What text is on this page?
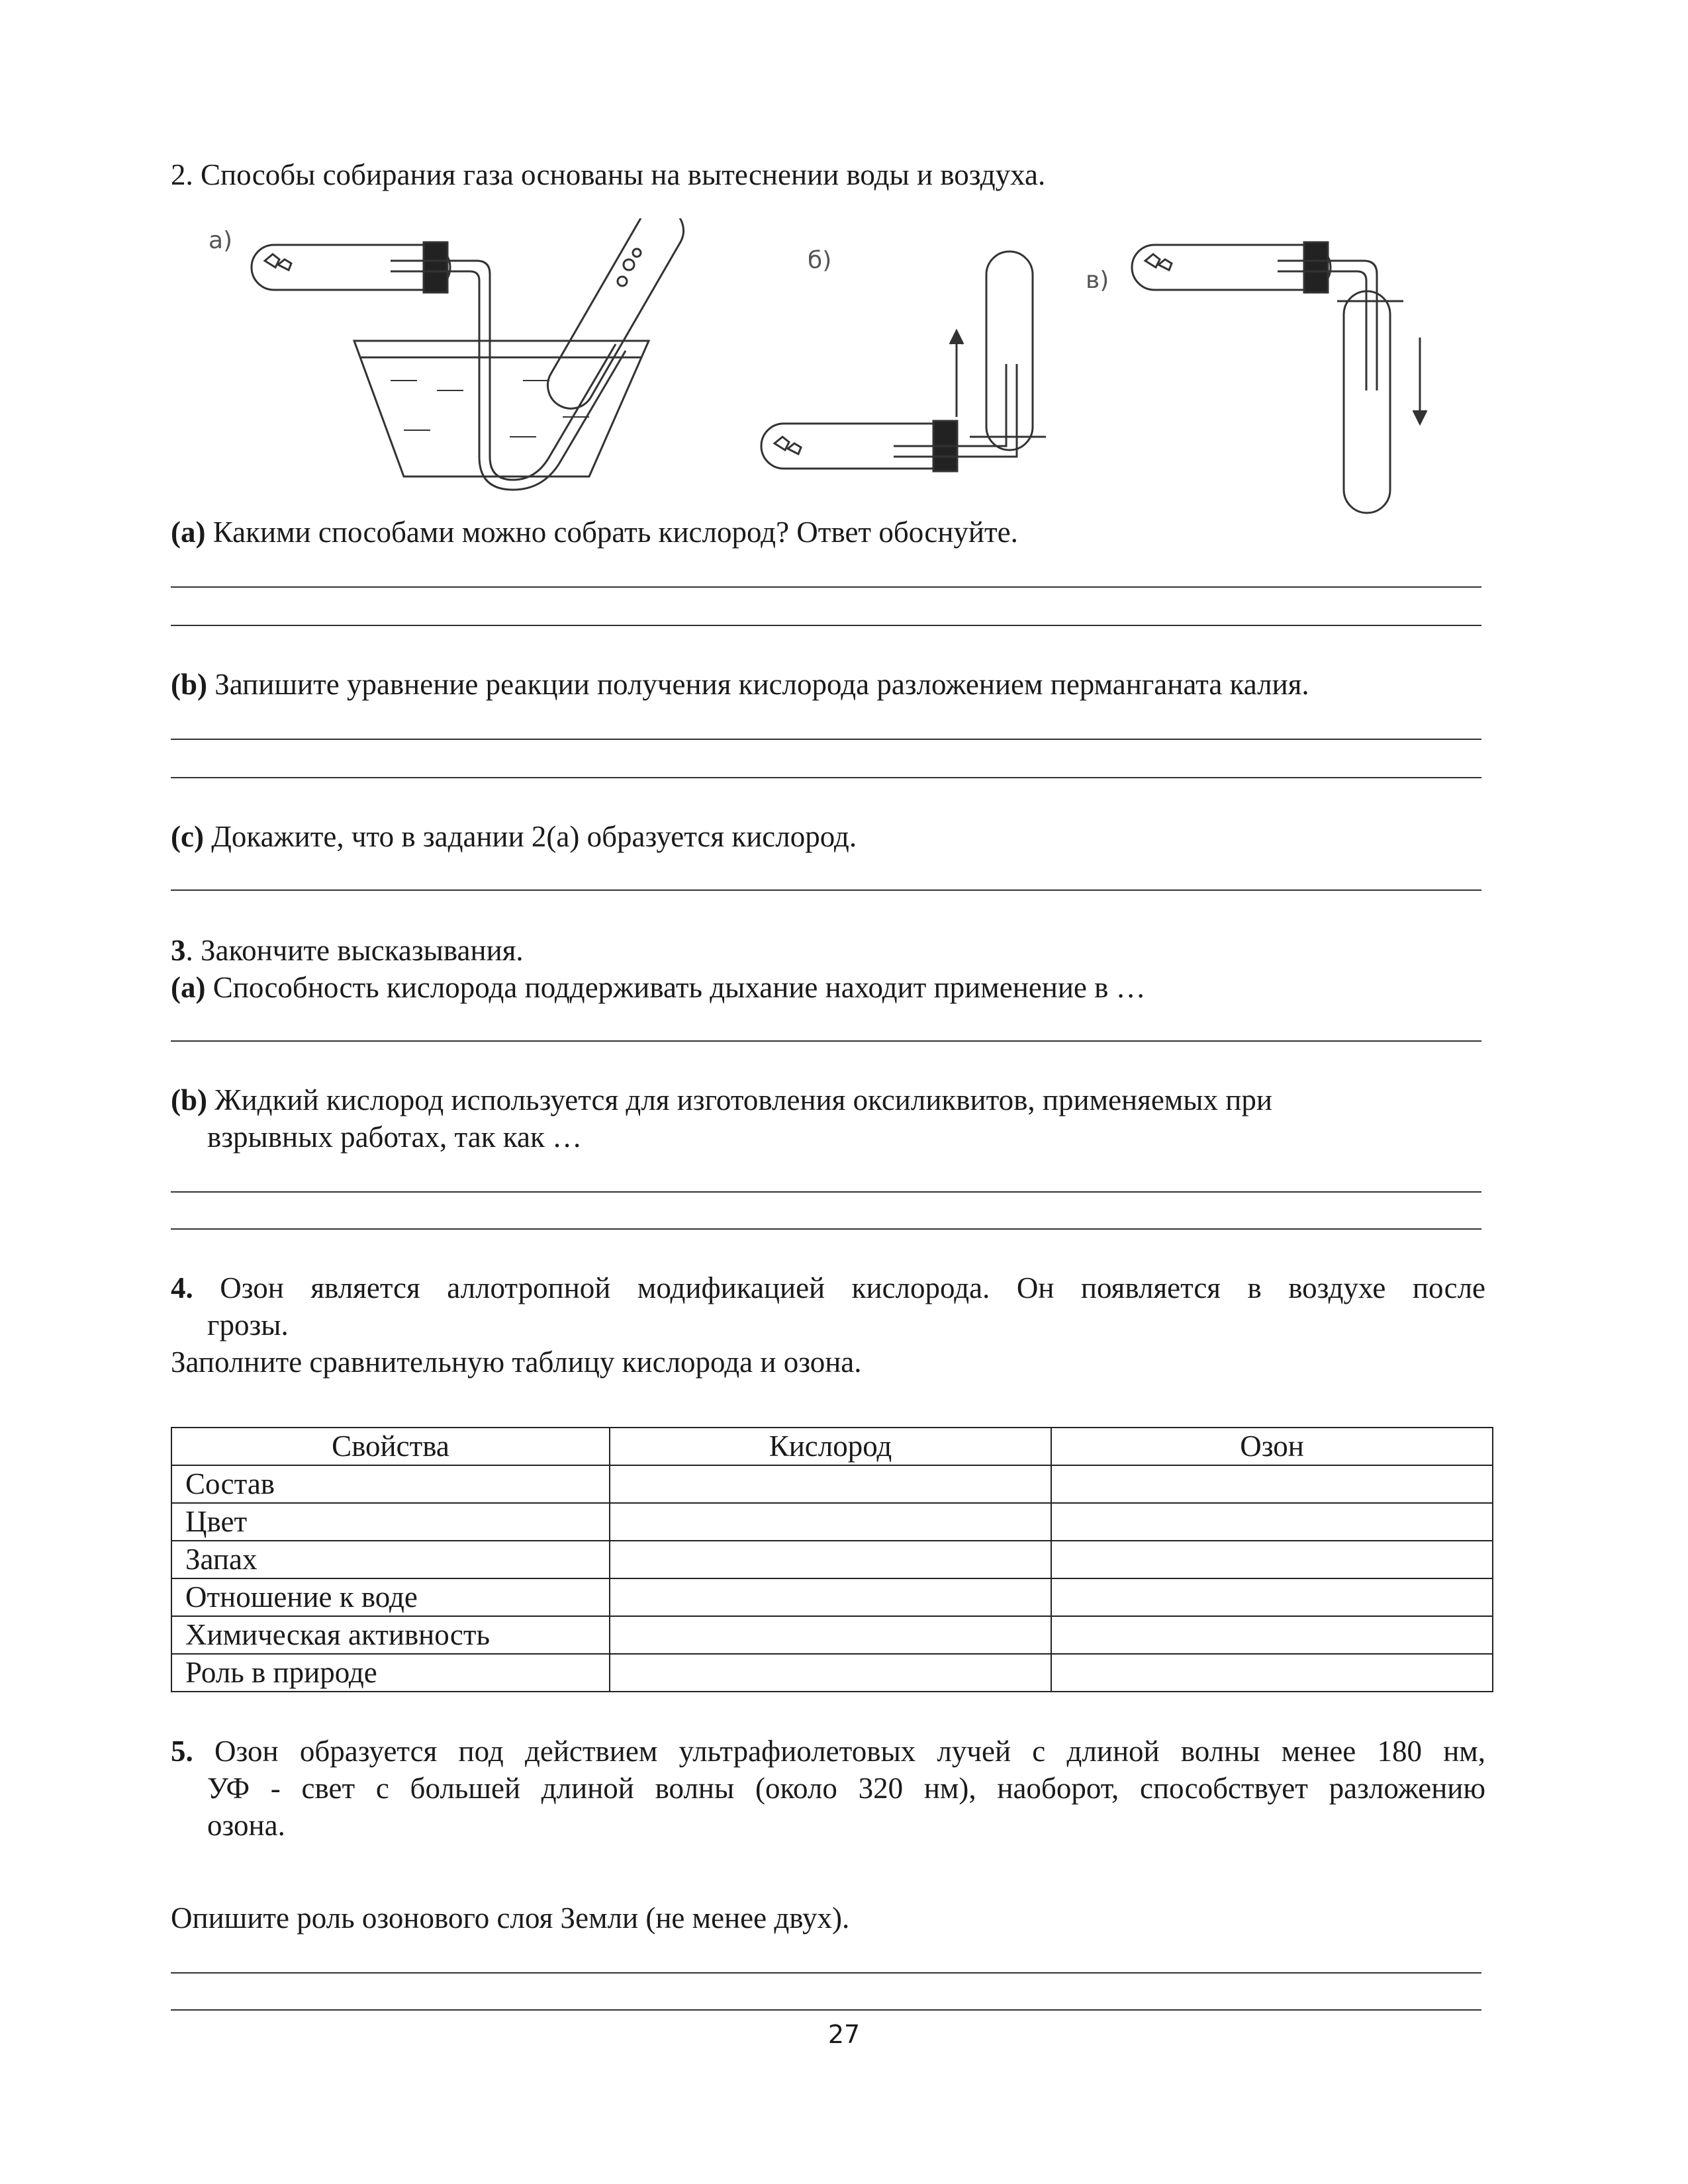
2. Способы собирания газа основаны на вытеснении воды и воздуха.
а)
б)
в)
(a) Какими способами можно собрать кислород? Ответ обоснуйте.
(b) Запишите уравнение реакции получения кислорода разложением перманганата калия.
(c) Докажите, что в задании 2(а) образуется кислород.
3. Закончите высказывания.
(a) Способность кислорода поддерживать дыхание находит применение в …
(b) Жидкий кислород используется для изготовления оксиликвитов, применяемых при
взрывных работах, так как …
4. Озон является аллотропной модификацией кислорода. Он появляется в воздухе после
грозы.
Заполните сравнительную таблицу кислорода и озона.
Свойства	Кислород	Озон
Состав		
Цвет		
Запах		
Отношение к воде		
Химическая активность		
Роль в природе		
5. Озон образуется под действием ультрафиолетовых лучей с длиной волны менее 180 нм,
УФ - свет с большей длиной волны (около 320 нм), наоборот, способствует разложению
озона.
Опишите роль озонового слоя Земли (не менее двух).
27
